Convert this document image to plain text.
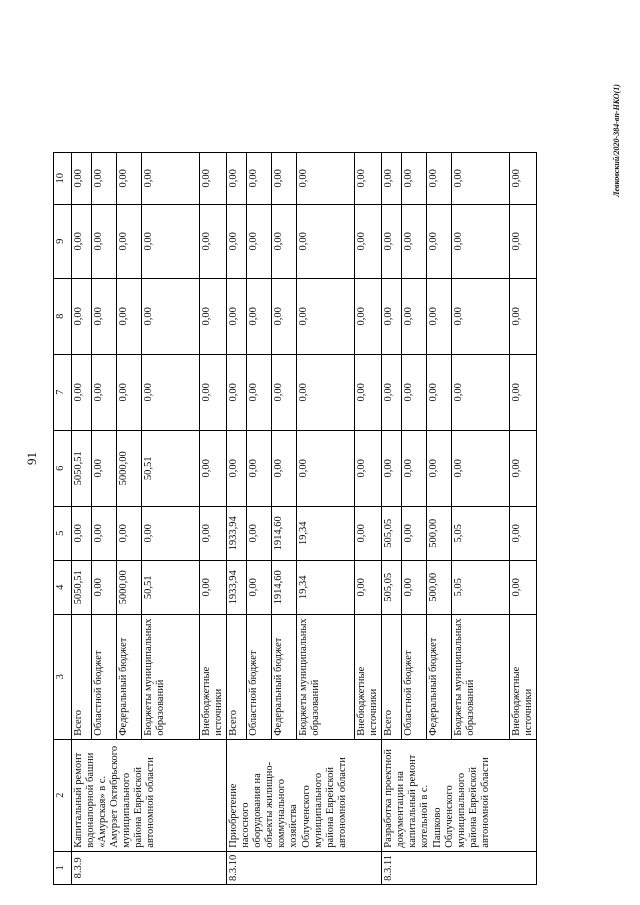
91
1	2	3	4	5	6	7	8	9	10
8.3.9	Капитальный ремонт водонапорной башни «Амурская» в с. Амурзет Октябрьского муниципального района Еврейской автономной области	Всего	5050,51	0,00	5050,51	0,00	0,00	0,00	0,00
		Областной бюджет	0,00	0,00	0,00	0,00	0,00	0,00	0,00
		Федеральный бюджет	5000,00	0,00	5000,00	0,00	0,00	0,00	0,00
		Бюджеты муниципальных образований	50,51	0,00	50,51	0,00	0,00	0,00	0,00
		Внебюджетные источники	0,00	0,00	0,00	0,00	0,00	0,00	0,00
8.3.10	Приобретение насосного оборудования на объекты жилищно-коммунального хозяйства Облученского муниципального района Еврейской автономной области	Всего	1933,94	1933,94	0,00	0,00	0,00	0,00	0,00
		Областной бюджет	0,00	0,00	0,00	0,00	0,00	0,00	0,00
		Федеральный бюджет	1914,60	1914,60	0,00	0,00	0,00	0,00	0,00
		Бюджеты муниципальных образований	19,34	19,34	0,00	0,00	0,00	0,00	0,00
		Внебюджетные источники	0,00	0,00	0,00	0,00	0,00	0,00	0,00
8.3.11	Разработка проектной документации на капитальный ремонт котельной в с. Пашково Облученского муниципального района Еврейской автономной области	Всего	505,05	505,05	0,00	0,00	0,00	0,00	0,00
		Областной бюджет	0,00	0,00	0,00	0,00	0,00	0,00	0,00
		Федеральный бюджет	500,00	500,00	0,00	0,00	0,00	0,00	0,00
		Бюджеты муниципальных образований	5,05	5,05	0,00	0,00	0,00	0,00	0,00
		Внебюджетные источники	0,00	0,00	0,00	0,00	0,00	0,00	0,00	Левковский/2020-384-вп-НКО(1)
